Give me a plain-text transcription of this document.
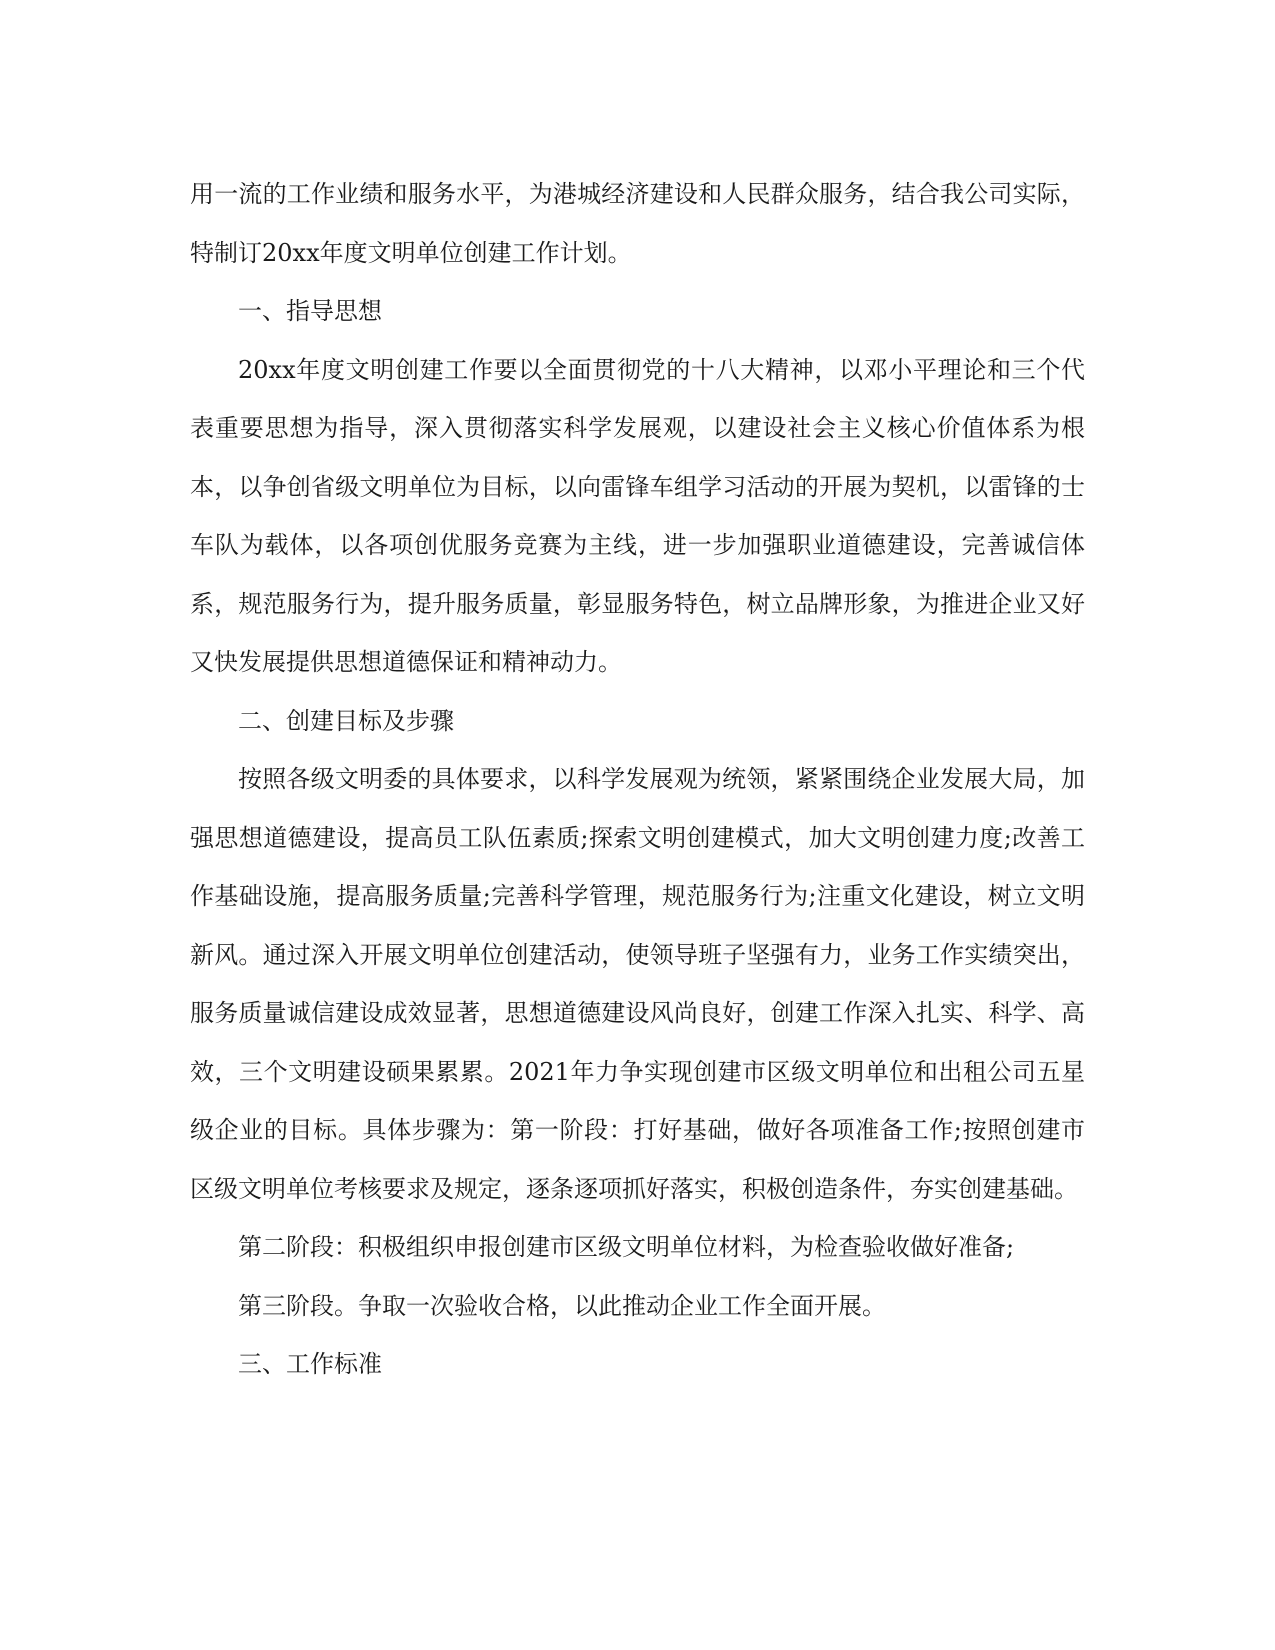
用一流的工作业绩和服务水平，为港城经济建设和人民群众服务，结合我公司实际，特制订20xx年度文明单位创建工作计划。

一、指导思想

20xx年度文明创建工作要以全面贯彻党的十八大精神，以邓小平理论和三个代表重要思想为指导，深入贯彻落实科学发展观，以建设社会主义核心价值体系为根本，以争创省级文明单位为目标，以向雷锋车组学习活动的开展为契机，以雷锋的士车队为载体，以各项创优服务竞赛为主线，进一步加强职业道德建设，完善诚信体系，规范服务行为，提升服务质量，彰显服务特色，树立品牌形象，为推进企业又好又快发展提供思想道德保证和精神动力。

二、创建目标及步骤

按照各级文明委的具体要求，以科学发展观为统领，紧紧围绕企业发展大局，加强思想道德建设，提高员工队伍素质;探索文明创建模式，加大文明创建力度;改善工作基础设施，提高服务质量;完善科学管理，规范服务行为;注重文化建设，树立文明新风。通过深入开展文明单位创建活动，使领导班子坚强有力，业务工作实绩突出，服务质量诚信建设成效显著，思想道德建设风尚良好，创建工作深入扎实、科学、高效，三个文明建设硕果累累。2021年力争实现创建市区级文明单位和出租公司五星级企业的目标。具体步骤为：第一阶段：打好基础，做好各项准备工作;按照创建市区级文明单位考核要求及规定，逐条逐项抓好落实，积极创造条件，夯实创建基础。

第二阶段：积极组织申报创建市区级文明单位材料，为检查验收做好准备;

第三阶段。争取一次验收合格，以此推动企业工作全面开展。

三、工作标准
